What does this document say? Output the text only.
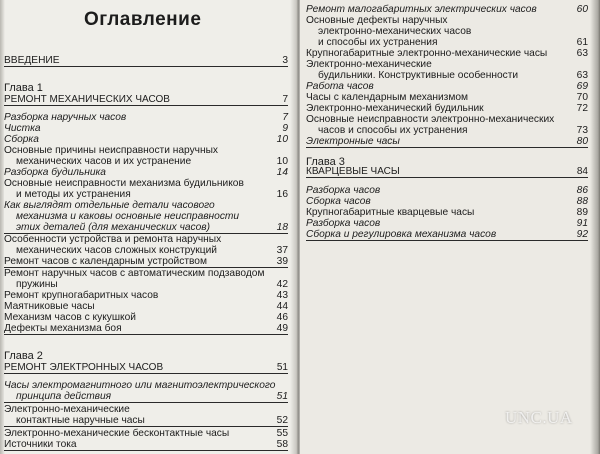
Оглавление
ВВЕДЕНИЕ	3
Глава 1
РЕМОНТ МЕХАНИЧЕСКИХ ЧАСОВ	7
Разборка наручных часов	7
Чистка	9
Сборка	10
Основные причины неисправности наручных
механических часов и их устранение	10
Разборка будильника	14
Основные неисправности механизма будильников
и методы их устранения	16
Как выглядят отдельные детали часового
механизма и каковы основные неисправности
этих деталей (для механических часов)	18
Особенности устройства и ремонта наручных
механических часов сложных конструкций	37
Ремонт часов с календарным устройством	39
Ремонт наручных часов с автоматическим подзаводом
пружины	42
Ремонт крупногабаритных часов	43
Маятниковые часы	44
Механизм часов с кукушкой	46
Дефекты механизма боя	49
Глава 2
РЕМОНТ ЭЛЕКТРОННЫХ ЧАСОВ	51
Часы электромагнитного или магнитоэлектрического
принципа действия	51
Электронно-механические
контактные наручные часы	52
Электронно-механические бесконтактные часы	55
Источники тока	58
Ремонт малогабаритных электрических часов	60
Основные дефекты наручных
электронно-механических часов
и способы их устранения	61
Крупногабаритные электронно-механические часы	63
Электронно-механические
будильники. Конструктивные особенности	63
Работа часов	69
Часы с календарным механизмом	70
Электронно-механический будильник	72
Основные неисправности электронно-механических
часов и способы их устранения	73
Электронные часы	80
Глава 3
КВАРЦЕВЫЕ ЧАСЫ	84
Разборка часов	86
Сборка часов	88
Крупногабаритные кварцевые часы	89
Разборка часов	91
Сборка и регулировка механизма часов	92
UNC.UA
